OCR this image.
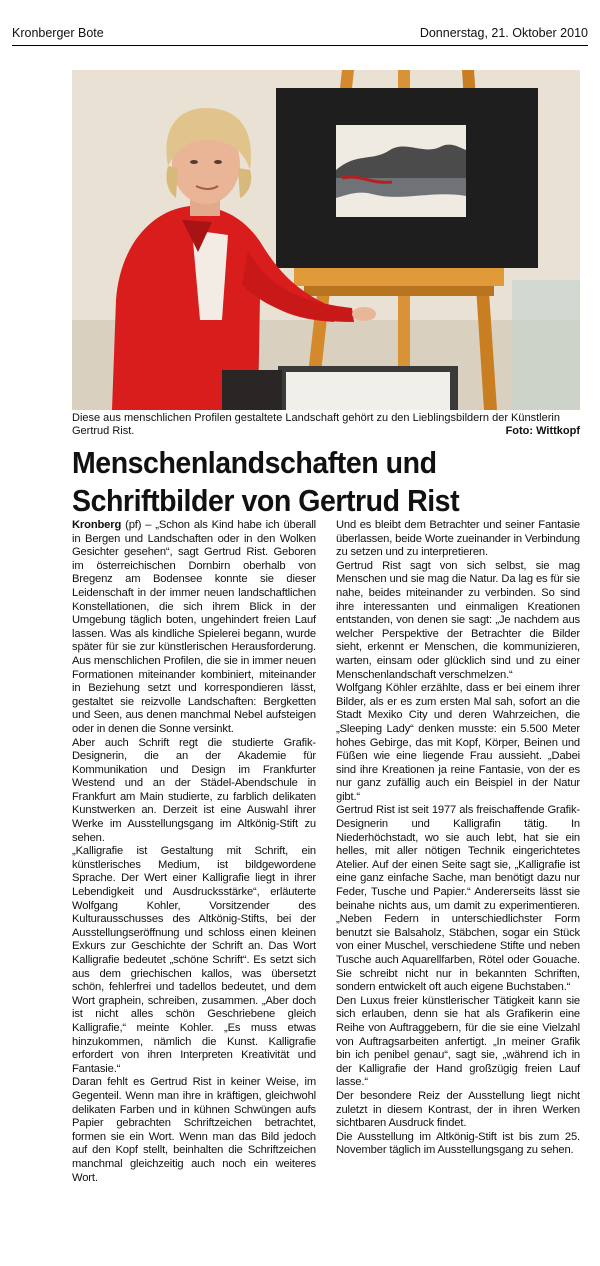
Kronberger Bote	Donnerstag, 21. Oktober 2010
Diese aus menschlichen Profilen gestaltete Landschaft gehört zu den Lieblingsbildern der Künstlerin Gertrud Rist.	Foto: Wittkopf
Menschenlandschaften und Schriftbilder von Gertrud Rist

Kronberg (pf) – „Schon als Kind habe ich überall in Bergen und Landschaften oder in den Wolken Gesichter gesehen“, sagt Gertrud Rist. Geboren im österreichischen Dornbirn oberhalb von Bregenz am Bodensee konnte sie dieser Leidenschaft in der immer neuen landschaftlichen Konstellationen, die sich ihrem Blick in der Umgebung täglich boten, ungehindert freien Lauf lassen. Was als kindliche Spielerei begann, wurde später für sie zur künstlerischen Herausforderung. Aus menschlichen Profilen, die sie in immer neuen Formationen miteinander kombiniert, miteinander in Beziehung setzt und korrespondieren lässt, gestaltet sie reizvolle Landschaften: Bergketten und Seen, aus denen manchmal Nebel aufsteigen oder in denen die Sonne versinkt.

Aber auch Schrift regt die studierte Grafik-Designerin, die an der Akademie für Kommunikation und Design im Frankfurter Westend und an der Städel-Abendschule in Frankfurt am Main studierte, zu farblich delikaten Kunstwerken an. Derzeit ist eine Auswahl ihrer Werke im Ausstellungsgang im Altkönig-Stift zu sehen.

„Kalligrafie ist Gestaltung mit Schrift, ein künstlerisches Medium, ist bildgewordene Sprache. Der Wert einer Kalligrafie liegt in ihrer Lebendigkeit und Ausdrucksstärke“, erläuterte Wolfgang Kohler, Vorsitzender des Kulturausschusses des Altkönig-Stifts, bei der Ausstellungseröffnung und schloss einen kleinen Exkurs zur Geschichte der Schrift an. Das Wort Kalligrafie bedeutet „schöne Schrift“. Es setzt sich aus dem griechischen kallos, was übersetzt schön, fehlerfrei und tadellos bedeutet, und dem Wort graphein, schreiben, zusammen. „Aber doch ist nicht alles schön Geschriebene gleich Kalligrafie,“ meinte Kohler. „Es muss etwas hinzukommen, nämlich die Kunst. Kalligrafie erfordert von ihren Interpreten Kreativität und Fantasie.“

Daran fehlt es Gertrud Rist in keiner Weise, im Gegenteil. Wenn man ihre in kräftigen, gleichwohl delikaten Farben und in kühnen Schwüngen aufs Papier gebrachten Schriftzeichen betrachtet, formen sie ein Wort. Wenn man das Bild jedoch auf den Kopf stellt, beinhalten die Schriftzeichen manchmal gleichzeitig auch noch ein weiteres Wort.

Und es bleibt dem Betrachter und seiner Fantasie überlassen, beide Worte zueinander in Verbindung zu setzen und zu interpretieren.

Gertrud Rist sagt von sich selbst, sie mag Menschen und sie mag die Natur. Da lag es für sie nahe, beides miteinander zu verbinden. So sind ihre interessanten und einmaligen Kreationen entstanden, von denen sie sagt: „Je nachdem aus welcher Perspektive der Betrachter die Bilder sieht, erkennt er Menschen, die kommunizieren, warten, einsam oder glücklich sind und zu einer Menschenlandschaft verschmelzen.“

Wolfgang Köhler erzählte, dass er bei einem ihrer Bilder, als er es zum ersten Mal sah, sofort an die Stadt Mexiko City und deren Wahrzeichen, die „Sleeping Lady“ denken musste: ein 5.500 Meter hohes Gebirge, das mit Kopf, Körper, Beinen und Füßen wie eine liegende Frau aussieht. „Dabei sind ihre Kreationen ja reine Fantasie, von der es nur ganz zufällig auch ein Beispiel in der Natur gibt.“

Gertrud Rist ist seit 1977 als freischaffende Grafik-Designerin und Kalligrafin tätig. In Niederhöchstadt, wo sie auch lebt, hat sie ein helles, mit aller nötigen Technik eingerichtetes Atelier. Auf der einen Seite sagt sie, „Kalligrafie ist eine ganz einfache Sache, man benötigt dazu nur Feder, Tusche und Papier.“ Andererseits lässt sie beinahe nichts aus, um damit zu experimentieren. „Neben Federn in unterschiedlichster Form benutzt sie Balsaholz, Stäbchen, sogar ein Stück von einer Muschel, verschiedene Stifte und neben Tusche auch Aquarellfarben, Rötel oder Gouache. Sie schreibt nicht nur in bekannten Schriften, sondern entwickelt oft auch eigene Buchstaben.“

Den Luxus freier künstlerischer Tätigkeit kann sie sich erlauben, denn sie hat als Grafikerin eine Reihe von Auftraggebern, für die sie eine Vielzahl von Auftragsarbeiten anfertigt. „In meiner Grafik bin ich penibel genau“, sagt sie, „während ich in der Kalligrafie der Hand großzügig freien Lauf lasse.“

Der besondere Reiz der Ausstellung liegt nicht zuletzt in diesem Kontrast, der in ihren Werken sichtbaren Ausdruck findet.

Die Ausstellung im Altkönig-Stift ist bis zum 25. November täglich im Ausstellungsgang zu sehen.
